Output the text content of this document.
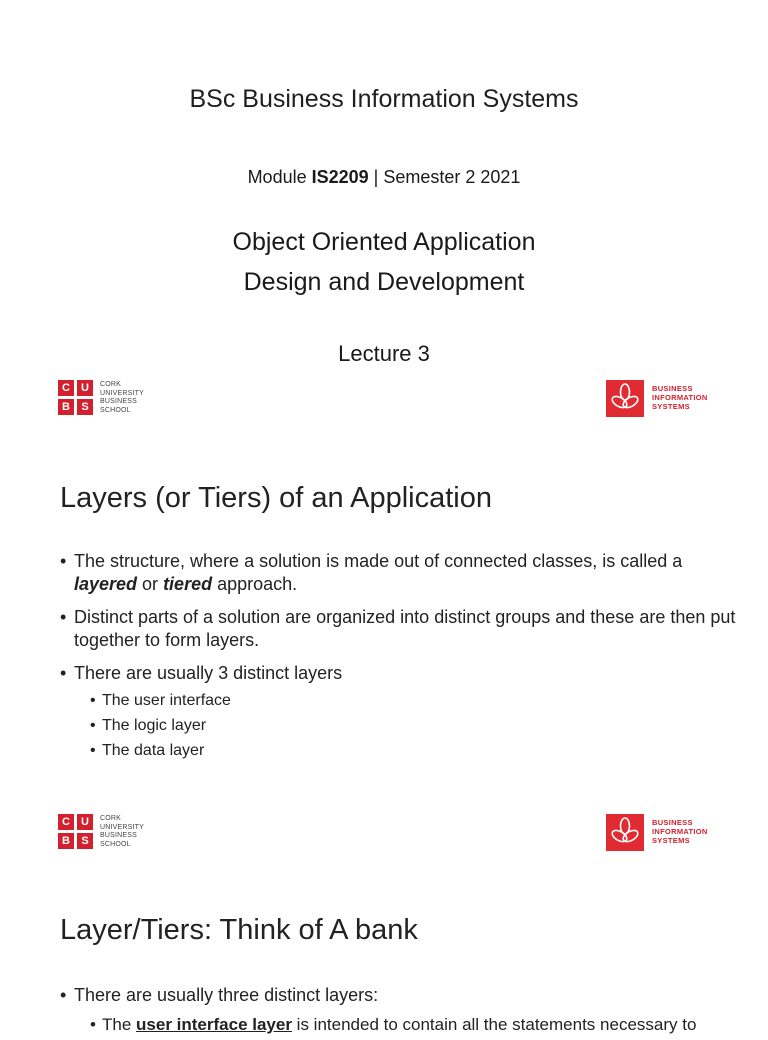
BSc Business Information Systems
Module IS2209 | Semester 2 2021
Object Oriented Application
Design and Development
Lecture 3
C	U
B	S
CORK
UNIVERSITY
BUSINESS
SCHOOL
BUSINESS
INFORMATION
SYSTEMS
Layers (or Tiers) of an Application
• The structure, where a solution is made out of connected classes, is called a layered or tiered approach.
• Distinct parts of a solution are organized into distinct groups and these are then put together to form layers.
• There are usually 3 distinct layers
• The user interface
• The logic layer
• The data layer
C	U
B	S
CORK
UNIVERSITY
BUSINESS
SCHOOL
BUSINESS
INFORMATION
SYSTEMS
Layer/Tiers: Think of A bank
• There are usually three distinct layers:
• The user interface layer is intended to contain all the statements necessary to
